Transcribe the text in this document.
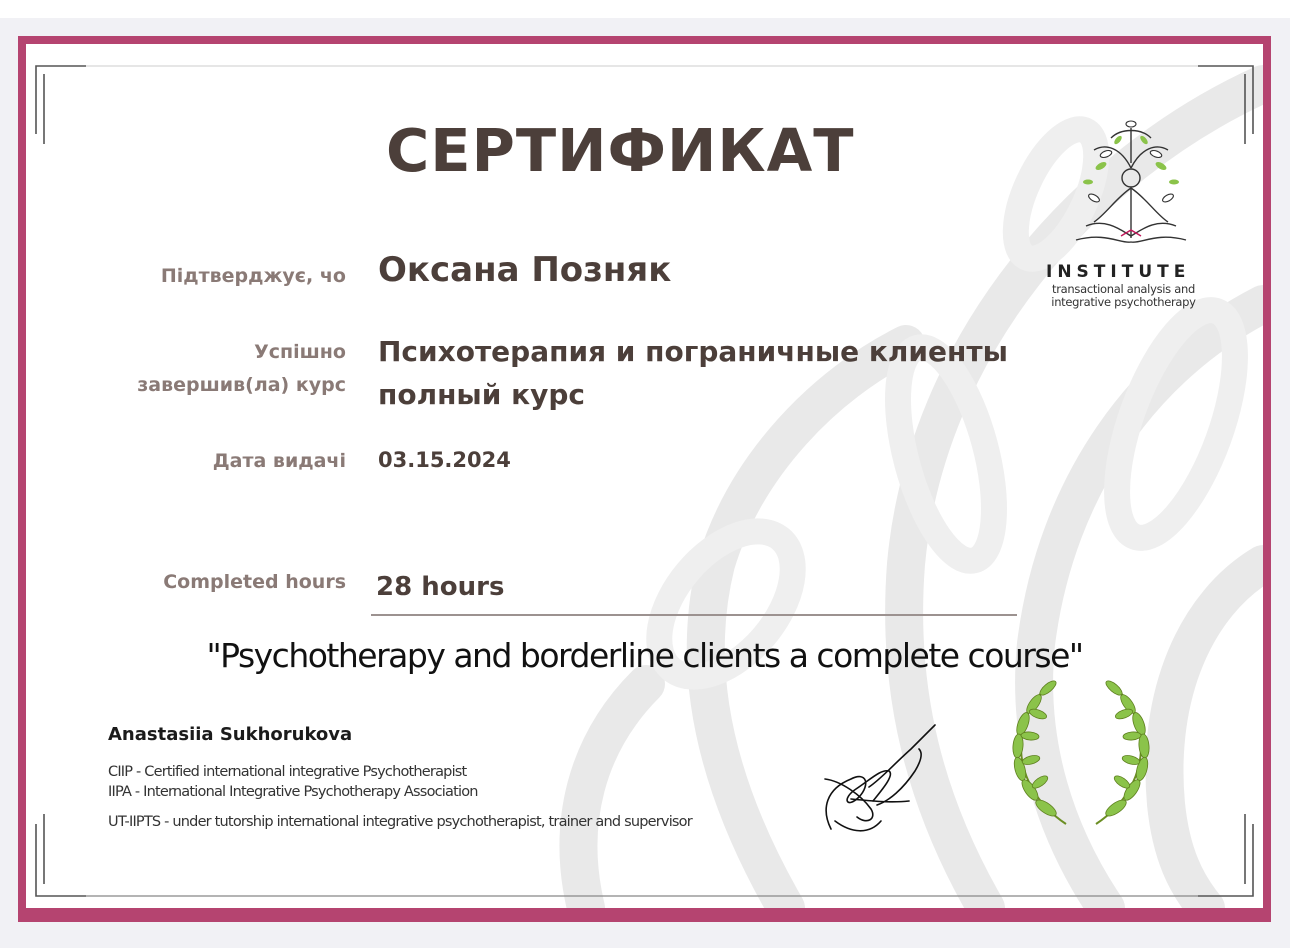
СЕРТИФИКАТ
Підтверджує, чо Оксана Позняк
Успішно
завершив(ла) курс
Психотерапия и пограничные клиенты
полный курс
Дата видачі 03.15.2024
Completed hours 28 hours
"Psychotherapy and borderline clients a complete course"
Anastasiia Sukhorukova
CIIP - Certified international integrative Psychotherapist
IIPA - International Integrative Psychotherapy Association
UT-IIPTS - under tutorship international integrative psychotherapist, trainer and supervisor
INSTITUTE
transactional analysis and
integrative psychotherapy
